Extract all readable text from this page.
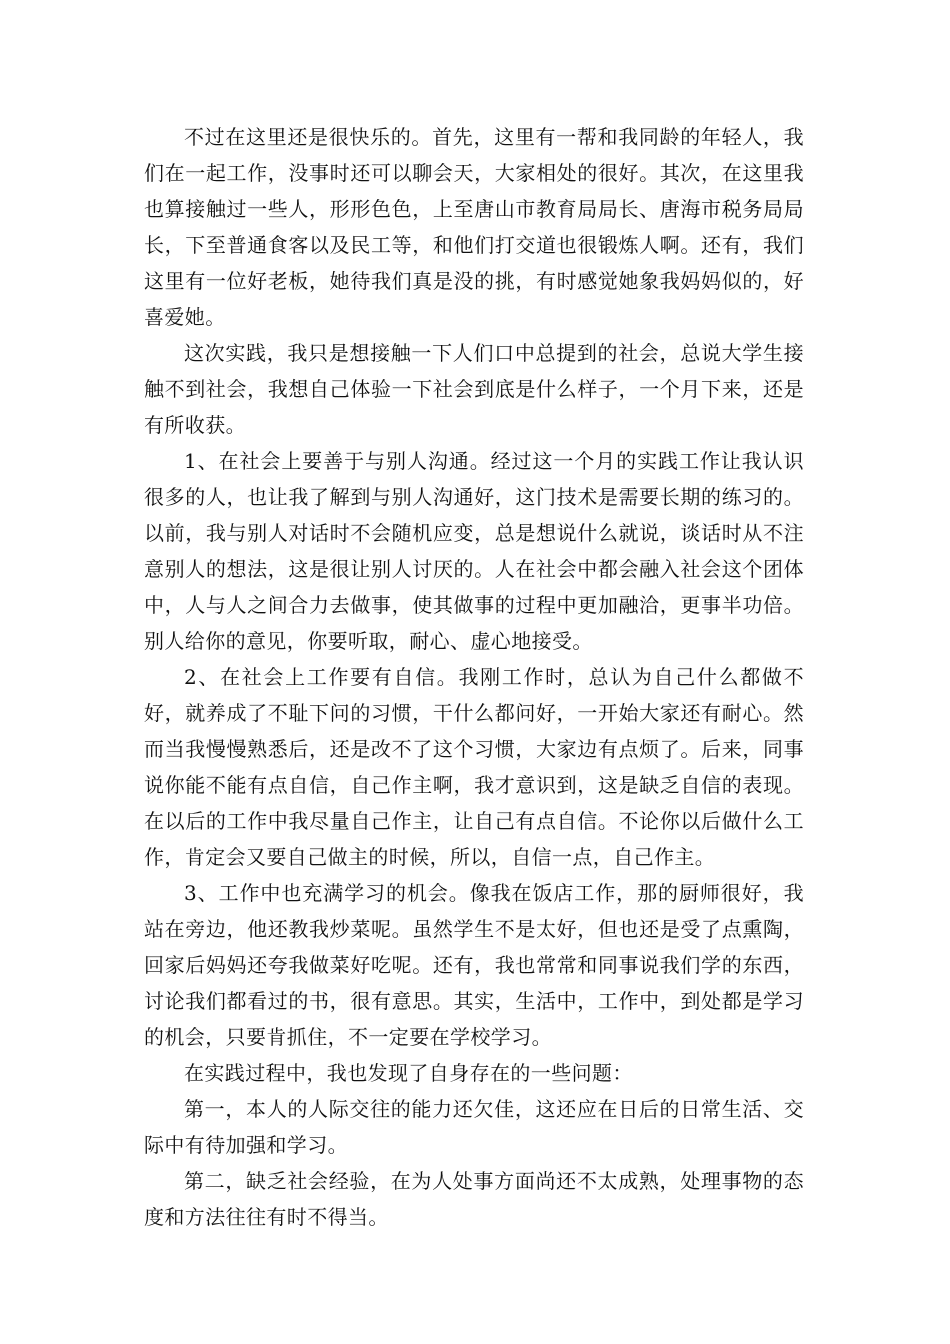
不过在这里还是很快乐的。首先，这里有一帮和我同龄的年轻人，我们在一起工作，没事时还可以聊会天，大家相处的很好。其次，在这里我也算接触过一些人，形形色色，上至唐山市教育局局长、唐海市税务局局长，下至普通食客以及民工等，和他们打交道也很锻炼人啊。还有，我们这里有一位好老板，她待我们真是没的挑，有时感觉她象我妈妈似的，好喜爱她。

这次实践，我只是想接触一下人们口中总提到的社会，总说大学生接触不到社会，我想自己体验一下社会到底是什么样子，一个月下来，还是有所收获。

1、在社会上要善于与别人沟通。经过这一个月的实践工作让我认识很多的人，也让我了解到与别人沟通好，这门技术是需要长期的练习的。以前，我与别人对话时不会随机应变，总是想说什么就说，谈话时从不注意别人的想法，这是很让别人讨厌的。人在社会中都会融入社会这个团体中，人与人之间合力去做事，使其做事的过程中更加融洽，更事半功倍。别人给你的意见，你要听取，耐心、虚心地接受。

2、在社会上工作要有自信。我刚工作时，总认为自己什么都做不好，就养成了不耻下问的习惯，干什么都问好，一开始大家还有耐心。然而当我慢慢熟悉后，还是改不了这个习惯，大家边有点烦了。后来，同事说你能不能有点自信，自己作主啊，我才意识到，这是缺乏自信的表现。在以后的工作中我尽量自己作主，让自己有点自信。不论你以后做什么工作，肯定会又要自己做主的时候，所以，自信一点，自己作主。

3、工作中也充满学习的机会。像我在饭店工作，那的厨师很好，我站在旁边，他还教我炒菜呢。虽然学生不是太好，但也还是受了点熏陶，回家后妈妈还夸我做菜好吃呢。还有，我也常常和同事说我们学的东西，讨论我们都看过的书，很有意思。其实，生活中，工作中，到处都是学习的机会，只要肯抓住，不一定要在学校学习。

在实践过程中，我也发现了自身存在的一些问题：

第一，本人的人际交往的能力还欠佳，这还应在日后的日常生活、交际中有待加强和学习。

第二，缺乏社会经验，在为人处事方面尚还不太成熟，处理事物的态度和方法往往有时不得当。
